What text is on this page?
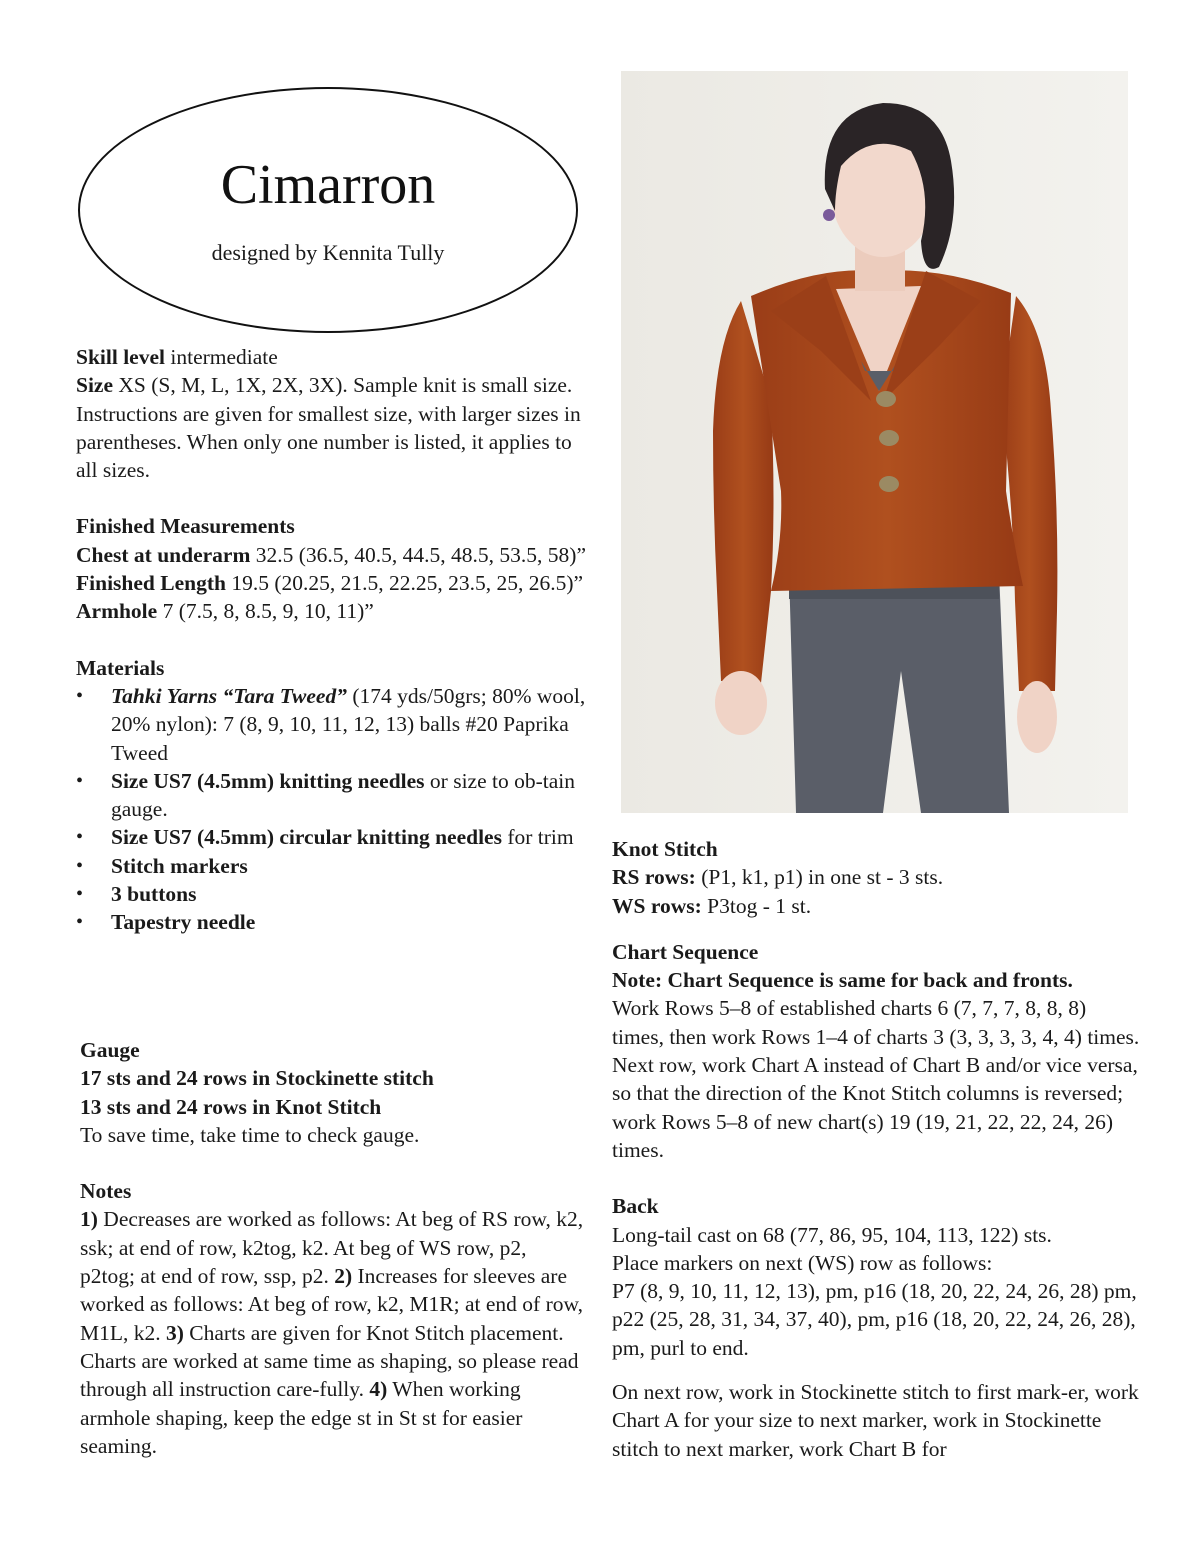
Cimarron
designed by Kennita Tully

Skill level intermediate

Size XS (S, M, L, 1X, 2X, 3X). Sample knit is small size.

Instructions are given for smallest size, with larger sizes in parentheses. When only one number is listed, it applies to all sizes.

Finished Measurements

Chest at underarm 32.5 (36.5, 40.5, 44.5, 48.5, 53.5, 58)”

Finished Length 19.5 (20.25, 21.5, 22.25, 23.5, 25, 26.5)”

Armhole 7 (7.5, 8, 8.5, 9, 10, 11)”

Materials

• Tahki Yarns “Tara Tweed” (174 yds/50grs; 80% wool, 20% nylon): 7 (8, 9, 10, 11, 12, 13) balls #20 Paprika Tweed
• Size US7 (4.5mm) knitting needles or size to ob-tain gauge.
• Size US7 (4.5mm) circular knitting needles for trim
• Stitch markers
• 3 buttons
• Tapestry needle

Gauge

17 sts and 24 rows in Stockinette stitch

13 sts and 24 rows in Knot Stitch

To save time, take time to check gauge.

Notes

1) Decreases are worked as follows: At beg of RS row, k2, ssk; at end of row, k2tog, k2. At beg of WS row, p2, p2tog; at end of row, ssp, p2. 2) Increases for sleeves are worked as follows: At beg of row, k2, M1R; at end of row, M1L, k2. 3) Charts are given for Knot Stitch placement. Charts are worked at same time as shaping, so please read through all instruction care-fully. 4) When working armhole shaping, keep the edge st in St st for easier seaming.

Knot Stitch

RS rows: (P1, k1, p1) in one st - 3 sts.

WS rows: P3tog - 1 st.

Chart Sequence

Note: Chart Sequence is same for back and fronts.

Work Rows 5–8 of established charts 6 (7, 7, 7, 8, 8, 8) times, then work Rows 1–4 of charts 3 (3, 3, 3, 3, 4, 4) times. Next row, work Chart A instead of Chart B and/or vice versa, so that the direction of the Knot Stitch columns is reversed; work Rows 5–8 of new chart(s) 19 (19, 21, 22, 22, 24, 26) times.

Back

Long-tail cast on 68 (77, 86, 95, 104, 113, 122) sts.

Place markers on next (WS) row as follows:

P7 (8, 9, 10, 11, 12, 13), pm, p16 (18, 20, 22, 24, 26, 28) pm, p22 (25, 28, 31, 34, 37, 40), pm, p16 (18, 20, 22, 24, 26, 28), pm, purl to end.

On next row, work in Stockinette stitch to first mark-er, work Chart A for your size to next marker, work in Stockinette stitch to next marker, work Chart B for
